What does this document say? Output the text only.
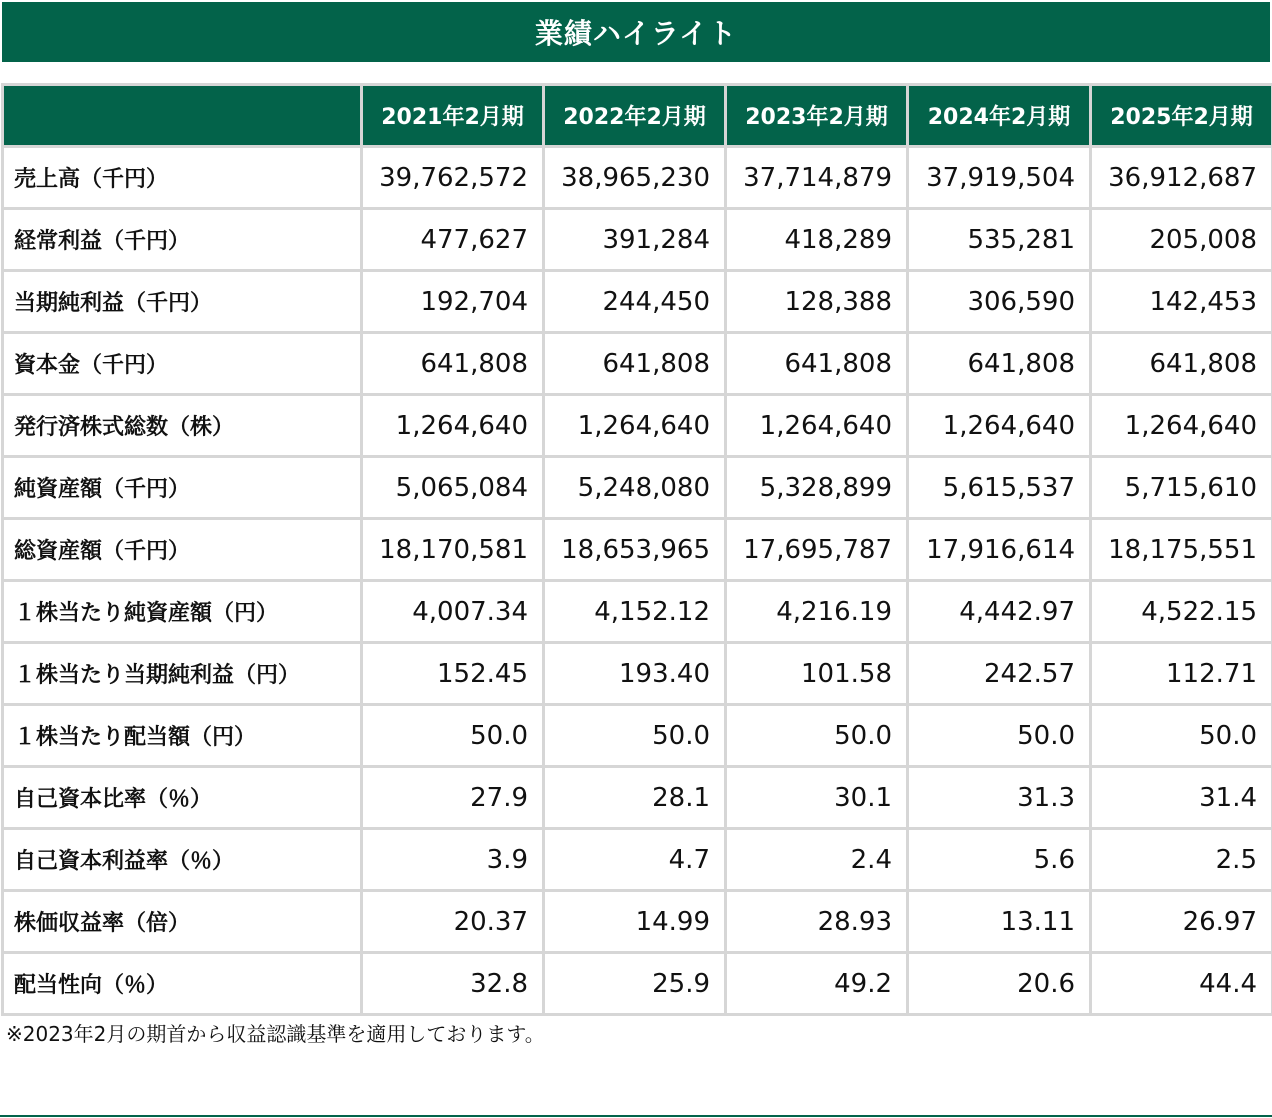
業績ハイライト
	2021年2月期	2022年2月期	2023年2月期	2024年2月期	2025年2月期
売上高（千円）	39,762,572	38,965,230	37,714,879	37,919,504	36,912,687
経常利益（千円）	477,627	391,284	418,289	535,281	205,008
当期純利益（千円）	192,704	244,450	128,388	306,590	142,453
資本金（千円）	641,808	641,808	641,808	641,808	641,808
発行済株式総数（株）	1,264,640	1,264,640	1,264,640	1,264,640	1,264,640
純資産額（千円）	5,065,084	5,248,080	5,328,899	5,615,537	5,715,610
総資産額（千円）	18,170,581	18,653,965	17,695,787	17,916,614	18,175,551
１株当たり純資産額（円）	4,007.34	4,152.12	4,216.19	4,442.97	4,522.15
１株当たり当期純利益（円）	152.45	193.40	101.58	242.57	112.71
１株当たり配当額（円）	50.0	50.0	50.0	50.0	50.0
自己資本比率（％）	27.9	28.1	30.1	31.3	31.4
自己資本利益率（％）	3.9	4.7	2.4	5.6	2.5
株価収益率（倍）	20.37	14.99	28.93	13.11	26.97
配当性向（％）	32.8	25.9	49.2	20.6	44.4
※2023年2月の期首から収益認識基準を適用しております。
